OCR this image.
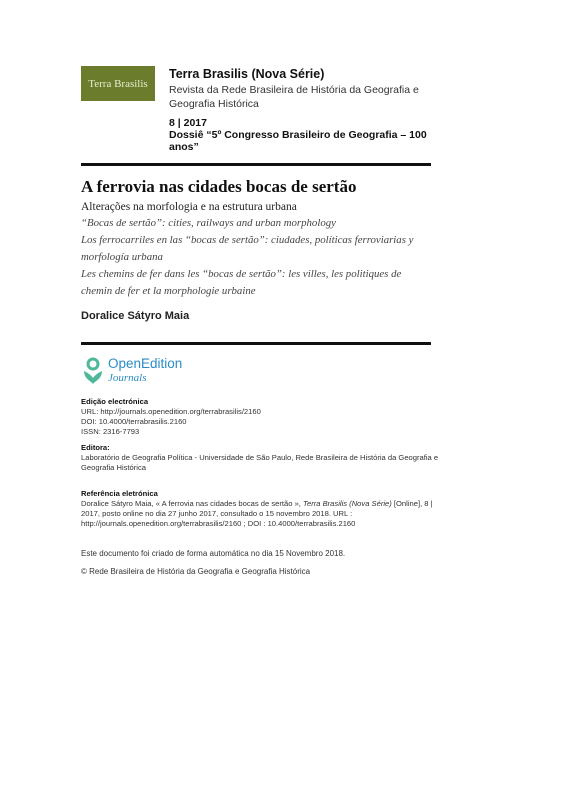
Terra Brasilis
Terra Brasilis (Nova Série)
Revista da Rede Brasileira de História da Geografia e Geografia Histórica
8 | 2017
Dossiê “5º Congresso Brasileiro de Geografia – 100 anos”
A ferrovia nas cidades bocas de sertão
Alterações na morfologia e na estrutura urbana
“Bocas de sertão”: cities, railways and urban morphology
Los ferrocarriles en las “bocas de sertão”: ciudades, políticas ferroviarias y morfología urbana
Les chemins de fer dans les “bocas de sertão”: les villes, les politiques de chemin de fer et la morphologie urbaine
Doralice Sátyro Maia
OpenEdition
Journals
Edição electrónica
URL: http://journals.openedition.org/terrabrasilis/2160
DOI: 10.4000/terrabrasilis.2160
ISSN: 2316-7793
Editora:
Laboratório de Geografia Política - Universidade de São Paulo, Rede Brasileira de História da Geografia e Geografia Histórica
Referência eletrónica
Doralice Sátyro Maia, « A ferrovia nas cidades bocas de sertão », Terra Brasilis (Nova Série) [Online], 8 | 2017, posto online no dia 27 junho 2017, consultado o 15 novembro 2018. URL : http://journals.openedition.org/terrabrasilis/2160 ; DOI : 10.4000/terrabrasilis.2160
Este documento foi criado de forma automática no dia 15 Novembro 2018.
© Rede Brasileira de História da Geografia e Geografia Histórica
